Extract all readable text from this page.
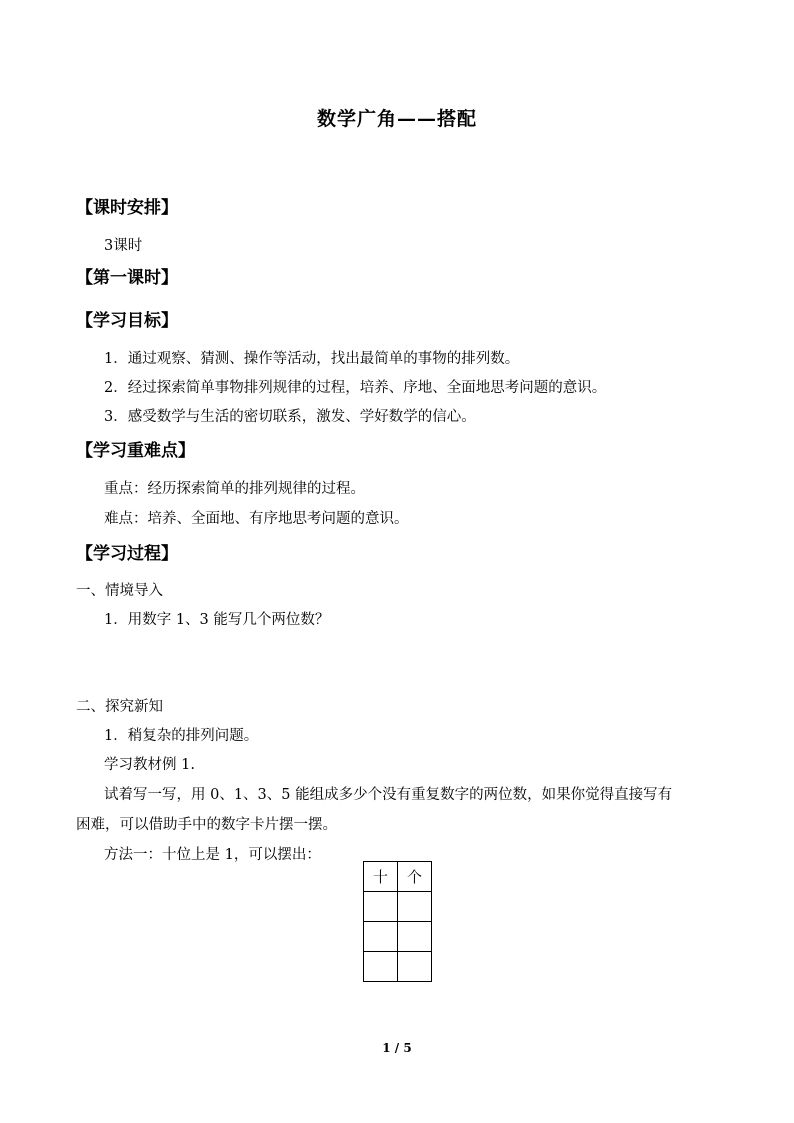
数学广角——搭配
【课时安排】
3课时
【第一课时】
【学习目标】
1．通过观察、猜测、操作等活动，找出最简单的事物的排列数。
2．经过探索简单事物排列规律的过程，培养、序地、全面地思考问题的意识。
3．感受数学与生活的密切联系，激发、学好数学的信心。
【学习重难点】
重点：经历探索简单的排列规律的过程。
难点：培养、全面地、有序地思考问题的意识。
【学习过程】
一、情境导入
1．用数字 1、3 能写几个两位数？
二、探究新知
1．稍复杂的排列问题。
学习教材例 1.
试着写一写，用 0、1、3、5 能组成多少个没有重复数字的两位数，如果你觉得直接写有
困难，可以借助手中的数字卡片摆一摆。
方法一：十位上是 1，可以摆出：
十	个

1 / 5
